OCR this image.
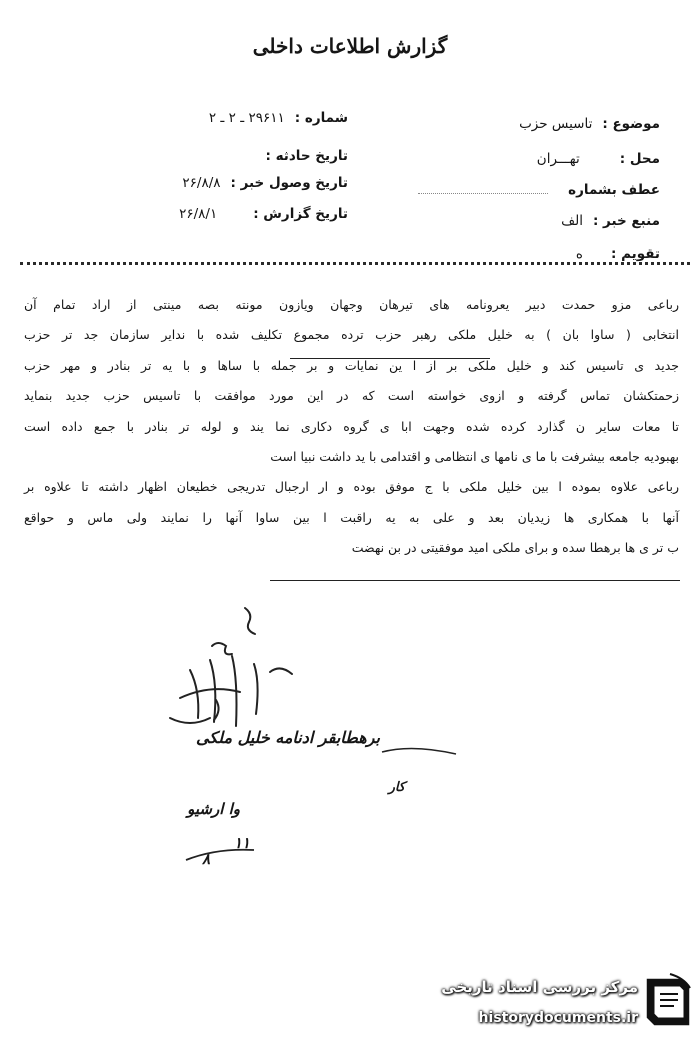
گزارش اطلاعات داخلی
موضوع :تاسیس حزب
محل :تهـــران
عطف بشماره
منبع خبر :الف
تقویم :ه
شماره :۲۹۶۱۱ ـ ۲ ـ ۲
تاریخ حادثه :
تاریخ وصول خبر :۲۶/۸/۸
تاریخ گزارش :۲۶/۸/۱

رباعی مزو حمدت دبیر یعرونامه های تیرهان وجهان ویازون مونته بصه مینتی از اراد تمام آن
انتخابی ( ساوا بان ) به خلیل ملکی رهبر حزب ترده مجموع تکلیف شده با ندایر سازمان جد تر حزب
جدید ی تاسیس کند و خلیل ملکی بر از ا ین نمایات و بر جمله با ساها و با یه تر بنادر و مهر حزب
زحمتکشان تماس گرفته و ازوی خواسته است که در این مورد موافقت با تاسیس حزب جدید بنماید
تا معات سایر ن گذارد کرده شده وجهت ابا ی گروه دکاری نما یند و لوله تر بنادر با جمع داده است
بهبودیه جامعه بیشرفت با ما ی نامها ی انتظامی و اقتدامی با ید داشت نبیا است
رباعی علاوه بموده ا بین خلیل ملکی با ج موفق بوده و ار ارجبال تدریجی خطیعان اظهار داشته تا علاوه بر
آنها با همکاری ها زیدیان بعد و علی به یه راقبت ا بین ساوا آنها را نمایند ولی ماس و حواقع
ب تر ی ها برهطا سده و برای ملکی امید موفقیتی در بن نهضت

برهطابقر ادنامه خلیل ملکی
کار
وا ارشیو
۱۱
۸
مرکز بررسی اسناد تاریخی
historydocuments.ir
